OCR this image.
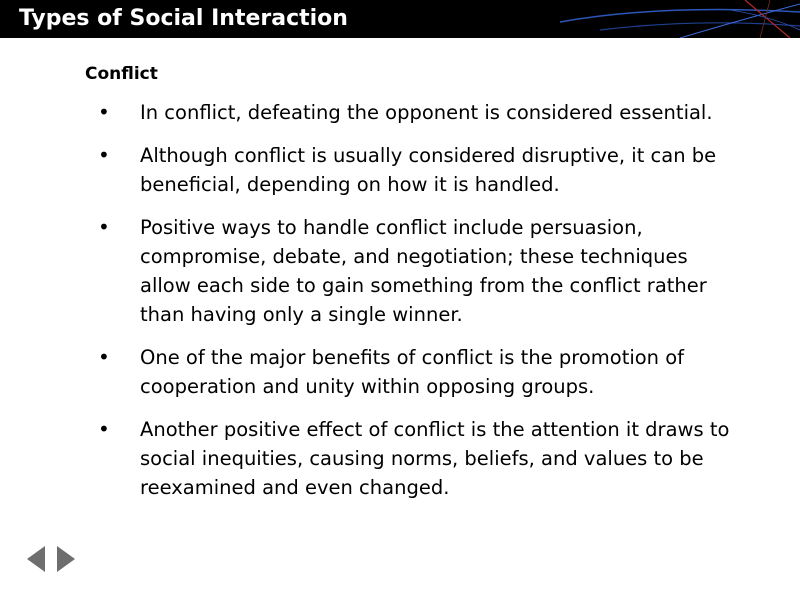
Types of Social Interaction
Conflict
• In conflict, defeating the opponent is considered essential.
• Although conflict is usually considered disruptive, it can be beneficial, depending on how it is handled.
• Positive ways to handle conflict include persuasion, compromise, debate, and negotiation; these techniques allow each side to gain something from the conflict rather than having only a single winner.
• One of the major benefits of conflict is the promotion of cooperation and unity within opposing groups.
• Another positive effect of conflict is the attention it draws to social inequities, causing norms, beliefs, and values to be reexamined and even changed.
